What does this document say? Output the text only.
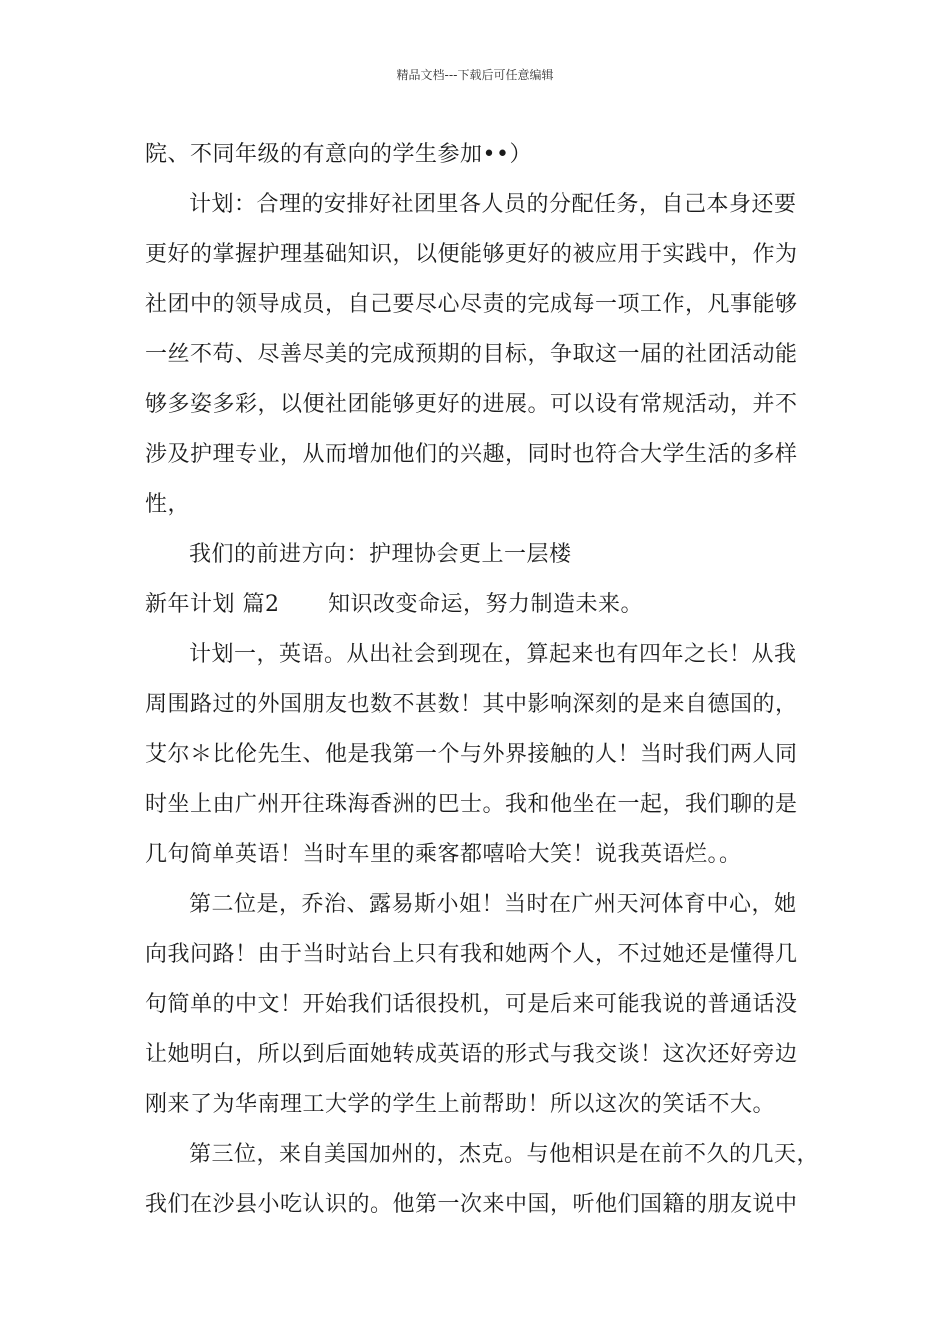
精品文档---下载后可任意编辑
院、不同年级的有意向的学生参加••）
计划：合理的安排好社团里各人员的分配任务，自己本身还要
更好的掌握护理基础知识，以便能够更好的被应用于实践中，作为
社团中的领导成员，自己要尽心尽责的完成每一项工作，凡事能够
一丝不苟、尽善尽美的完成预期的目标，争取这一届的社团活动能
够多姿多彩，以便社团能够更好的进展。可以设有常规活动，并不
涉及护理专业，从而增加他们的兴趣，同时也符合大学生活的多样
性，
我们的前进方向：护理协会更上一层楼
新年计划 篇2 知识改变命运，努力制造未来。
计划一，英语。从出社会到现在，算起来也有四年之长！从我
周围路过的外国朋友也数不甚数！其中影响深刻的是来自德国的，
艾尔＊比伦先生、他是我第一个与外界接触的人！当时我们两人同
时坐上由广州开往珠海香洲的巴士。我和他坐在一起，我们聊的是
几句简单英语！当时车里的乘客都嘻哈大笑！说我英语烂。。
第二位是，乔治、露易斯小姐！当时在广州天河体育中心，她
向我问路！由于当时站台上只有我和她两个人，不过她还是懂得几
句简单的中文！开始我们话很投机，可是后来可能我说的普通话没
让她明白，所以到后面她转成英语的形式与我交谈！这次还好旁边
刚来了为华南理工大学的学生上前帮助！所以这次的笑话不大。
第三位，来自美国加州的，杰克。与他相识是在前不久的几天，
我们在沙县小吃认识的。他第一次来中国，听他们国籍的朋友说中
